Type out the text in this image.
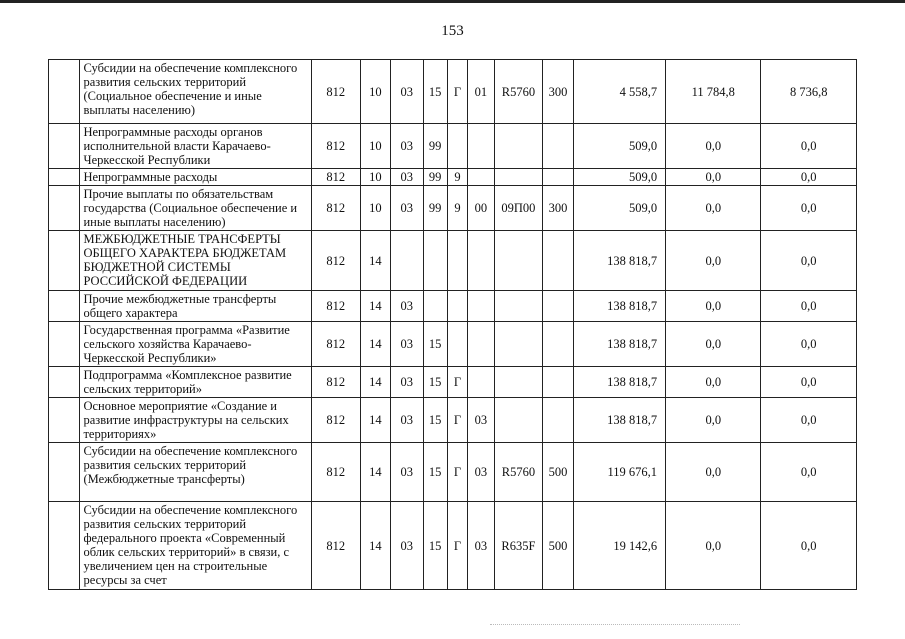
153
	Субсидии на обеспечение комплексного развития сельских территорий (Социальное обеспечение и иные выплаты населению)	812	10	03	15	Г	01	R5760	300	4 558,7	11 784,8	8 736,8
	Непрограммные расходы органов исполнительной власти Карачаево-Черкесской Республики	812	10	03	99					509,0	0,0	0,0
	Непрограммные расходы	812	10	03	99	9				509,0	0,0	0,0
	Прочие выплаты по обязательствам государства (Социальное обеспечение и иные выплаты населению)	812	10	03	99	9	00	09П00	300	509,0	0,0	0,0
	МЕЖБЮДЖЕТНЫЕ ТРАНСФЕРТЫ ОБЩЕГО ХАРАКТЕРА БЮДЖЕТАМ БЮДЖЕТНОЙ СИСТЕМЫ РОССИЙСКОЙ ФЕДЕРАЦИИ	812	14							138 818,7	0,0	0,0
	Прочие межбюджетные трансферты общего характера	812	14	03						138 818,7	0,0	0,0
	Государственная программа «Развитие сельского хозяйства Карачаево-Черкесской Республики»	812	14	03	15					138 818,7	0,0	0,0
	Подпрограмма «Комплексное развитие сельских территорий»	812	14	03	15	Г				138 818,7	0,0	0,0
	Основное мероприятие «Создание и развитие инфраструктуры на сельских территориях»	812	14	03	15	Г	03			138 818,7	0,0	0,0
	Субсидии на обеспечение комплексного развития сельских территорий (Межбюджетные трансферты)	812	14	03	15	Г	03	R5760	500	119 676,1	0,0	0,0
	Субсидии на обеспечение комплексного развития сельских территорий федерального проекта «Современный облик сельских территорий» в связи, с увеличением цен на строительные ресурсы за счет	812	14	03	15	Г	03	R635F	500	19 142,6	0,0	0,0
